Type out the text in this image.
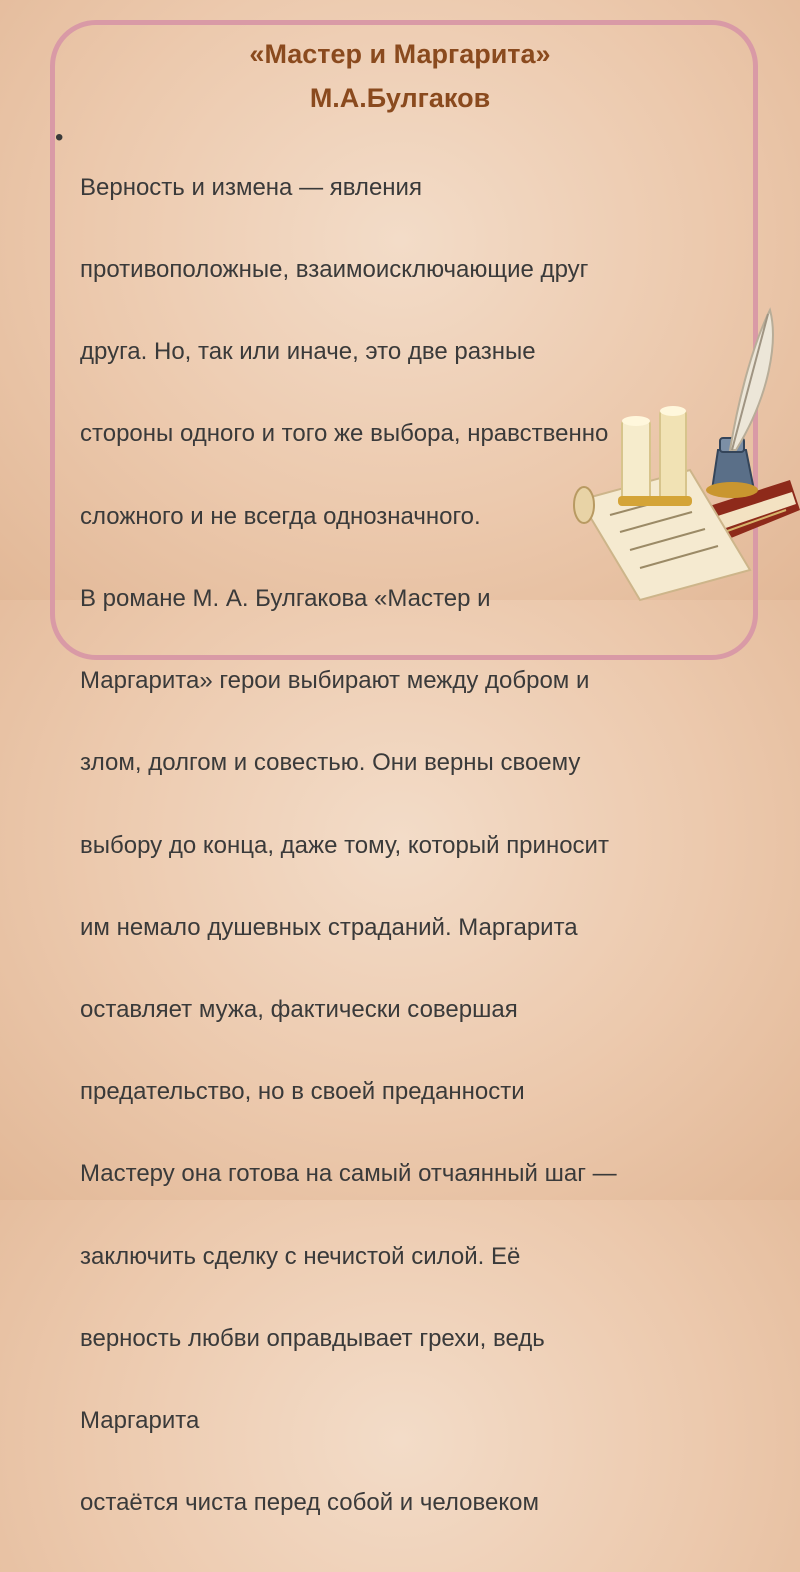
«Мастер и Маргарита»
М.А.Булгаков
•

Верность и измена — явления

противоположные, взаимоисключающие друг

друга. Но, так или иначе, это две разные

стороны одного и того же выбора, нравственно

сложного и не всегда однозначного.

В романе М. А. Булгакова «Мастер и

Маргарита» герои выбирают между добром и

злом, долгом и совестью. Они верны своему

выбору до конца, даже тому, который приносит

им немало душевных страданий. Маргарита

оставляет мужа, фактически совершая

предательство, но в своей преданности

Мастеру она готова на самый отчаянный шаг —

заключить сделку с нечистой силой. Её

верность любви оправдывает грехи, ведь

Маргарита

остаётся чиста перед собой и человеком
